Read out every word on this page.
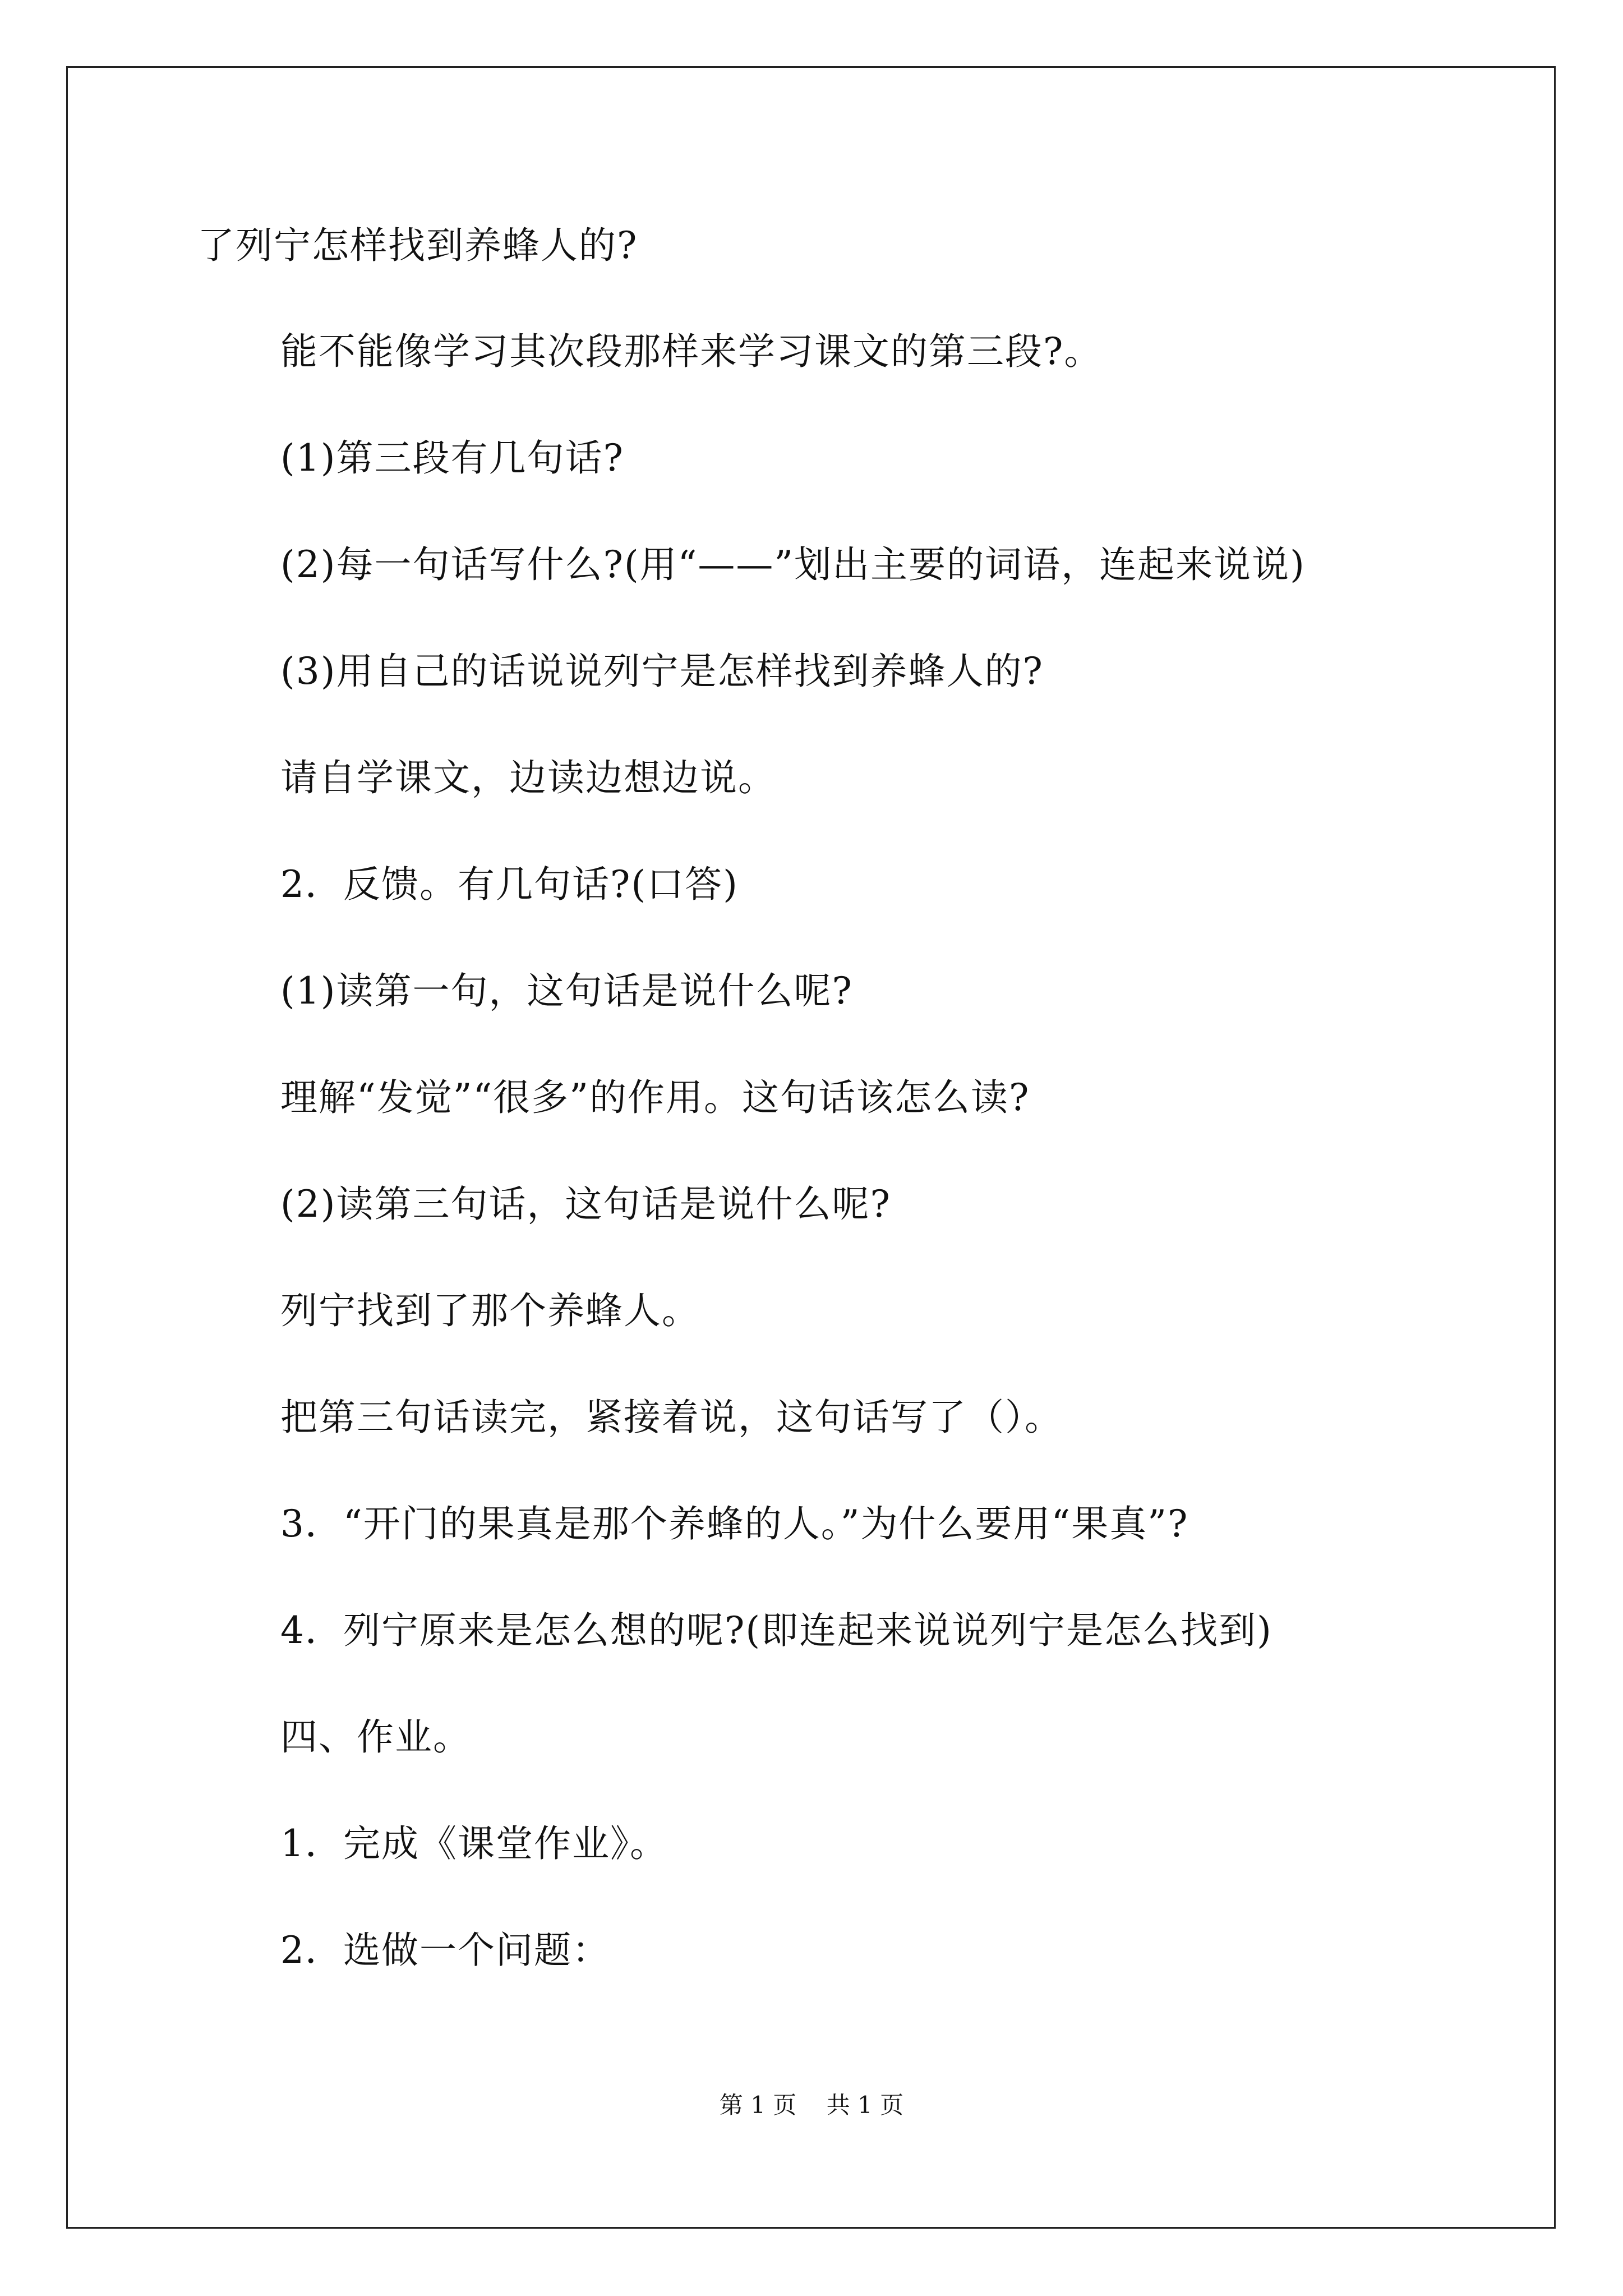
了列宁怎样找到养蜂人的?
能不能像学习其次段那样来学习课文的第三段?。
(1)第三段有几句话?
(2)每一句话写什么?(用“——”划出主要的词语，连起来说说)
(3)用自己的话说说列宁是怎样找到养蜂人的?
请自学课文，边读边想边说。
2．反馈。有几句话?(口答)
(1)读第一句，这句话是说什么呢?
理解“发觉”“很多”的作用。这句话该怎么读?
(2)读第三句话，这句话是说什么呢?
列宁找到了那个养蜂人。
把第三句话读完，紧接着说，这句话写了（）。
3．“开门的果真是那个养蜂的人。”为什么要用“果真”?
4．列宁原来是怎么想的呢?(即连起来说说列宁是怎么找到)
四、作业。
1．完成《课堂作业》。
2．选做一个问题：
第 1 页    共 1 页
